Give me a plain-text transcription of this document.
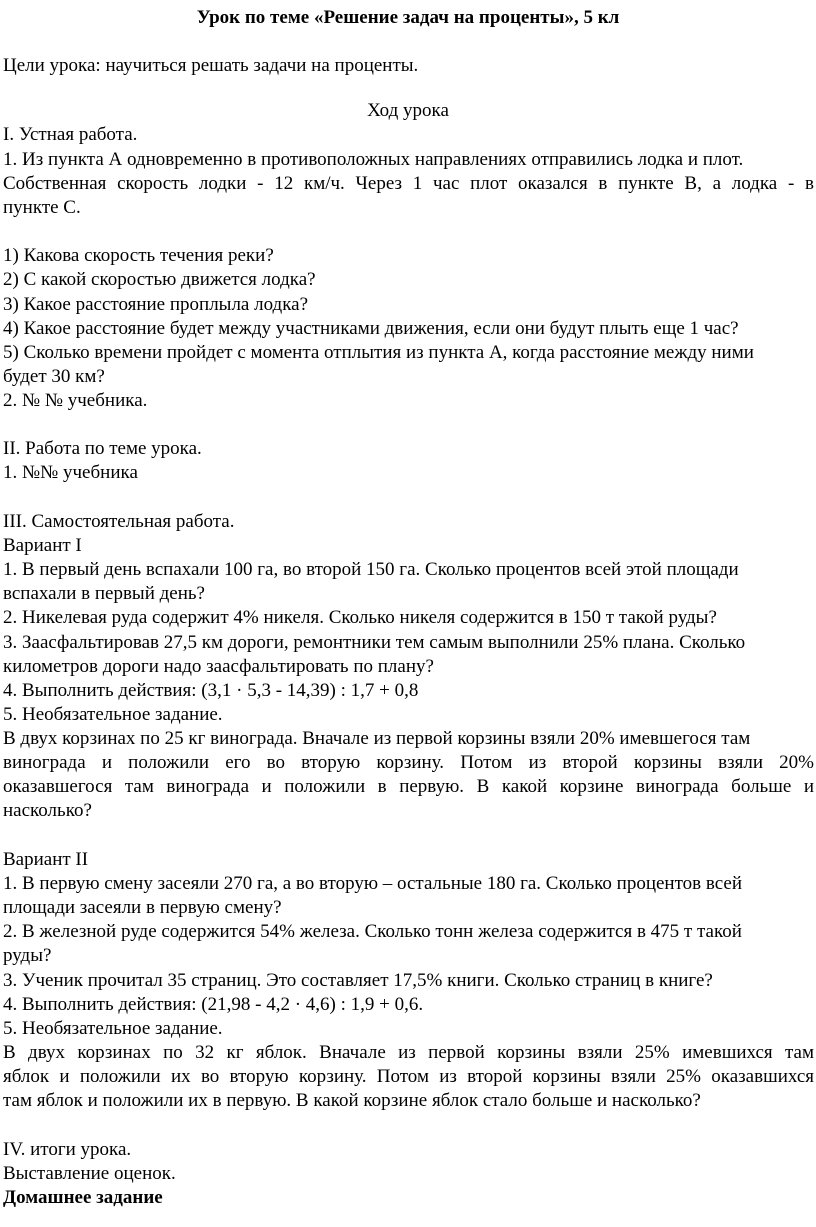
Урок по теме «Решение задач на проценты», 5 кл
Цели урока: научиться решать задачи на проценты.
Ход урока
I. Устная работа.
1. Из пункта А одновременно в противоположных направлениях отправились лодка и плот.
Собственная скорость лодки - 12 км/ч. Через 1 час плот оказался в пункте В, а лодка - в
пункте С.
1) Какова скорость течения реки?
2) С какой скоростью движется лодка?
3) Какое расстояние проплыла лодка?
4) Какое расстояние будет между участниками движения, если они будут плыть еще 1 час?
5) Сколько времени пройдет с момента отплытия из пункта А, когда расстояние между ними
будет 30 км?
2. № № учебника.
II. Работа по теме урока.
1. №№ учебника
III. Самостоятельная работа.
Вариант I
1. В первый день вспахали 100 га, во второй 150 га. Сколько процентов всей этой площади
вспахали в первый день?
2. Никелевая руда содержит 4% никеля. Сколько никеля содержится в 150 т такой руды?
3. Заасфальтировав 27,5 км дороги, ремонтники тем самым выполнили 25% плана. Сколько
километров дороги надо заасфальтировать по плану?
4. Выполнить действия: (3,1 · 5,3 - 14,39) : 1,7 + 0,8
5. Необязательное задание.
В двух корзинах по 25 кг винограда. Вначале из первой корзины взяли 20% имевшегося там
винограда и положили его во вторую корзину. Потом из второй корзины взяли 20%
оказавшегося там винограда и положили в первую. В какой корзине винограда больше и
насколько?
Вариант II
1. В первую смену засеяли 270 га, а во вторую – остальные 180 га. Сколько процентов всей
площади засеяли в первую смену?
2. В железной руде содержится 54% железа. Сколько тонн железа содержится в 475 т такой
руды?
3. Ученик прочитал 35 страниц. Это составляет 17,5% книги. Сколько страниц в книге?
4. Выполнить действия: (21,98 - 4,2 · 4,6) : 1,9 + 0,6.
5. Необязательное задание.
В двух корзинах по 32 кг яблок. Вначале из первой корзины взяли 25% имевшихся там
яблок и положили их во вторую корзину. Потом из второй корзины взяли 25% оказавшихся
там яблок и положили их в первую. В какой корзине яблок стало больше и насколько?
IV. итоги урока.
Выставление оценок.
Домашнее задание
